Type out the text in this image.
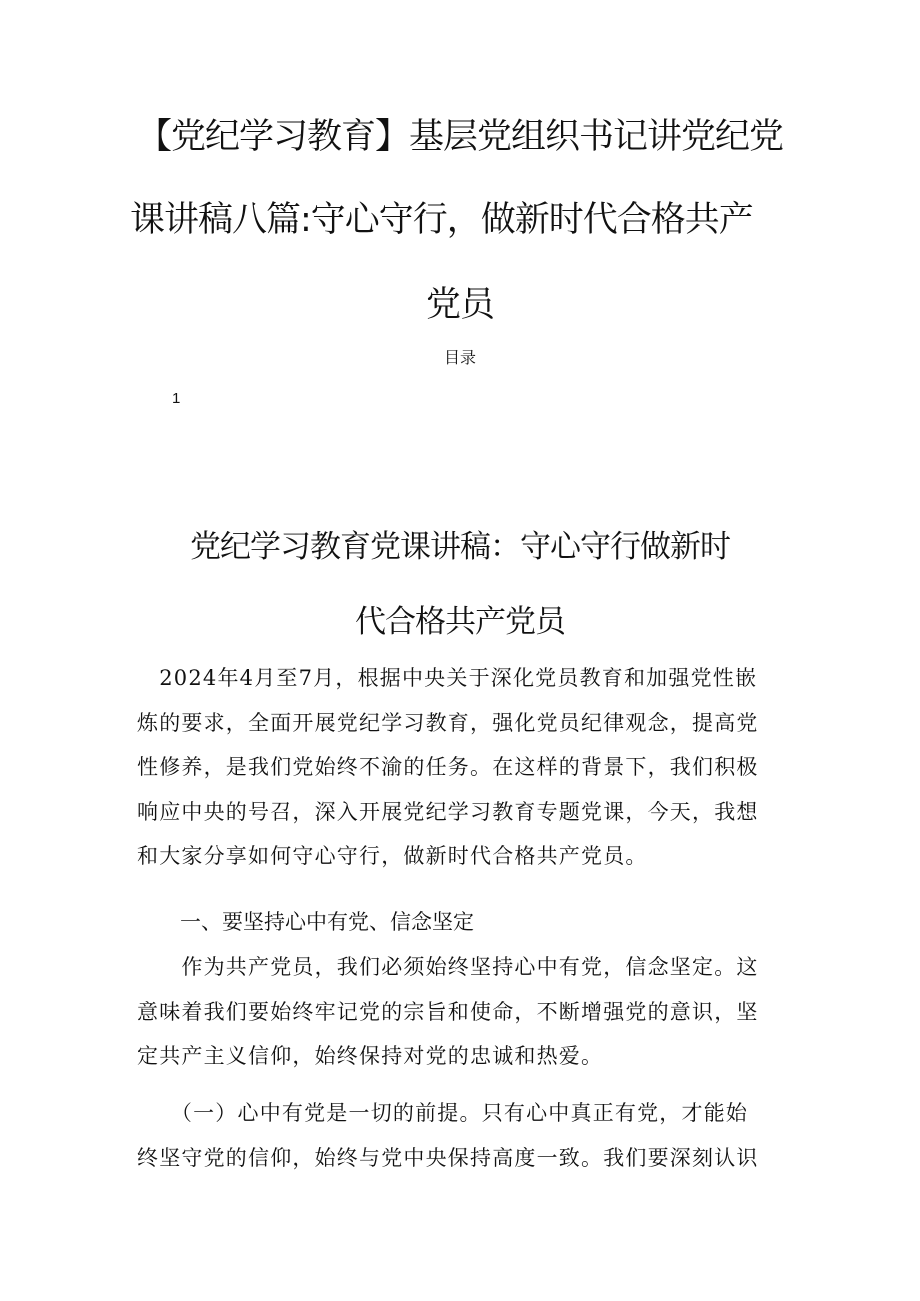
【党纪学习教育】基层党组织书记讲党纪党
课讲稿八篇:守心守行，做新时代合格共产
党员
目录
1
党纪学习教育党课讲稿：守心守行做新时
代合格共产党员
　2024年4月至7月，根据中央关于深化党员教育和加强党性嵌
炼的要求，全面开展党纪学习教育，强化党员纪律观念，提高党
性修养，是我们党始终不渝的任务。在这样的背景下，我们积极
响应中央的号召，深入开展党纪学习教育专题党课，今天，我想
和大家分享如何守心守行，做新时代合格共产党员。
一、要坚持心中有党、信念坚定
　　作为共产党员，我们必须始终坚持心中有党，信念坚定。这
意味着我们要始终牢记党的宗旨和使命，不断增强党的意识，坚
定共产主义信仰，始终保持对党的忠诚和热爱。
　　（一）心中有党是一切的前提。只有心中真正有党，才能始
终坚守党的信仰，始终与党中央保持高度一致。我们要深刻认识
